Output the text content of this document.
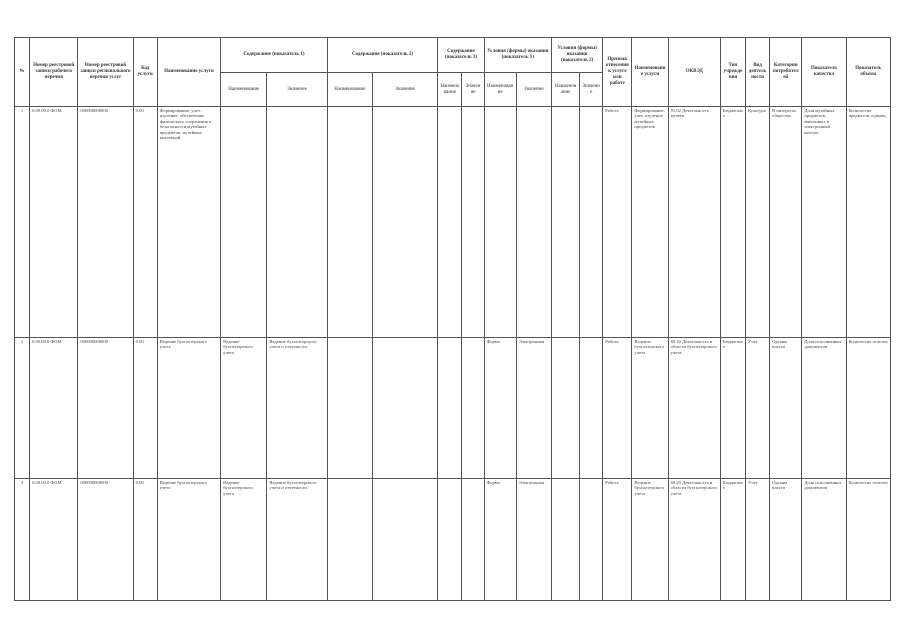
№	Номер реестровой записи рабочего перечня	Номер реестровой записи регионального перечня услуг	Код услуги	Наименование услуги	Содержание (показатель 1)		Содержание (показатель 2)		Содержание (показатель 3)		Условия (формы) оказания (показатель 1)		Условия (формы) оказания (показатель 2)		Признак отнесения к услуге или работе	Наименование услуги	ОКВЭД	Тип учреждения	Вид деятельности	Категории потребителей	Показатель качества	Показатель объема
					Наименование	Значение	Наименование	Значение	Наименование	Значение	Наименование	Значение	Наименование	Значение								
1	0.00.00.0 ФОМ	000000000000	0.00	Формирование, учет, изучение, обеспечение физического сохранения и безопасности музейных предметов, музейных коллекций											Работа	Формирование, учет, изучение музейных предметов	91.02 Деятельность музеев	Бюджетное	Культура	В интересах общества	Доля музейных предметов, внесенных в электронный каталог	Количество предметов, единиц
2	0.00.00.0 ФОМ	000000000000	0.00	Ведение бухгалтерского учета	Ведение бухгалтерского учета	Ведение бухгалтерского учета и отчетности					Форма	Электронная			Работа	Ведение бухгалтерского учета	69.20 Деятельность в области бухгалтерского учета	Бюджетное	Учет	Органы власти	Доля исполненных документов	Количество отчетов
3	0.00.00.0 ФОМ	000000000000	0.00	Ведение бухгалтерского учета	Ведение бухгалтерского учета	Ведение бухгалтерского учета и отчетности					Форма	Электронная			Работа	Ведение бухгалтерского учета	69.20 Деятельность в области бухгалтерского учета	Бюджетное	Учет	Органы власти	Доля исполненных документов	Количество отчетов
